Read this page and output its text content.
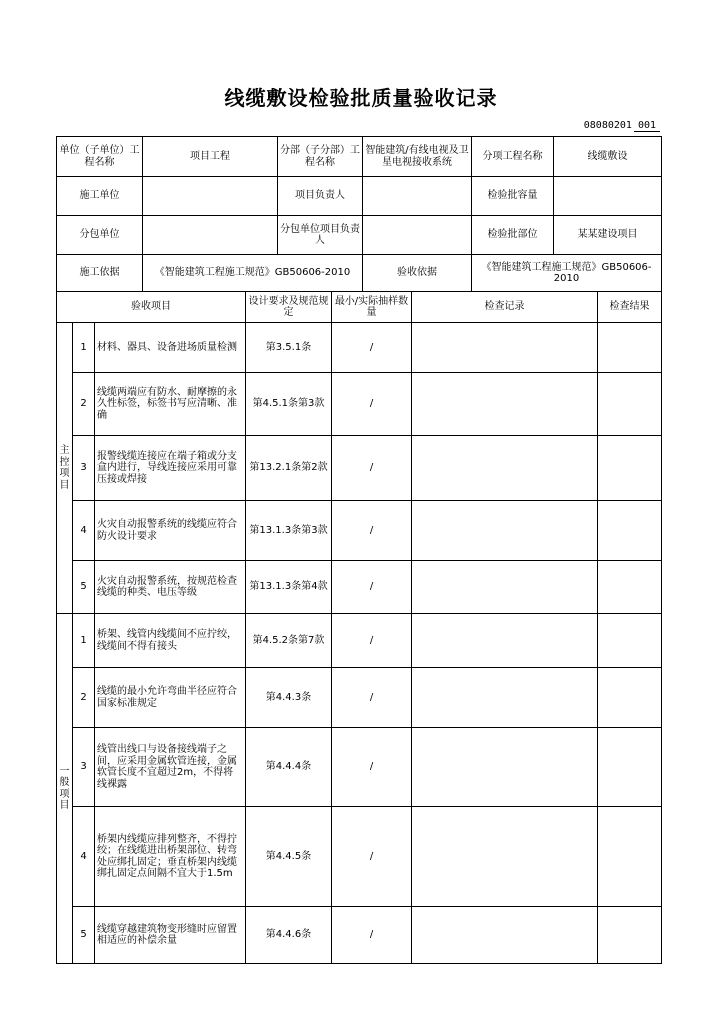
线缆敷设检验批质量验收记录
08080201 001
单位（子单位）工程名称	项目工程	分部（子分部）工程名称	智能建筑/有线电视及卫星电视接收系统	分项工程名称	线缆敷设
施工单位		项目负责人		检验批容量	
分包单位		分包单位项目负责人		检验批部位	某某建设项目
施工依据	《智能建筑工程施工规范》GB50606-2010		验收依据	《智能建筑工程施工规范》GB50606-2010	
验收项目			设计要求及规范规定	最小/实际抽样数量	检查记录	检查结果
主控项目	1	材料、器具、设备进场质量检测	第3.5.1条	/		
	2	线缆两端应有防水、耐摩擦的永久性标签，标签书写应清晰、准确	第4.5.1条第3款	/		
	3	报警线缆连接应在端子箱或分支盒内进行，导线连接应采用可靠压接或焊接	第13.2.1条第2款	/		
	4	火灾自动报警系统的线缆应符合防火设计要求	第13.1.3条第3款	/		
	5	火灾自动报警系统，按规范检查线缆的种类、电压等级	第13.1.3条第4款	/		
一般项目	1	桥架、线管内线缆间不应拧绞，线缆间不得有接头	第4.5.2条第7款	/		
	2	线缆的最小允许弯曲半径应符合国家标准规定	第4.4.3条	/		
	3	线管出线口与设备接线端子之间，应采用金属软管连接，金属软管长度不宜超过2m，不得将线裸露	第4.4.4条	/		
	4	桥架内线缆应排列整齐，不得拧绞；在线缆进出桥架部位、转弯处应绑扎固定；垂直桥架内线缆绑扎固定点间隔不宜大于1.5m	第4.4.5条	/		
	5	线缆穿越建筑物变形缝时应留置相适应的补偿余量	第4.4.6条	/		
